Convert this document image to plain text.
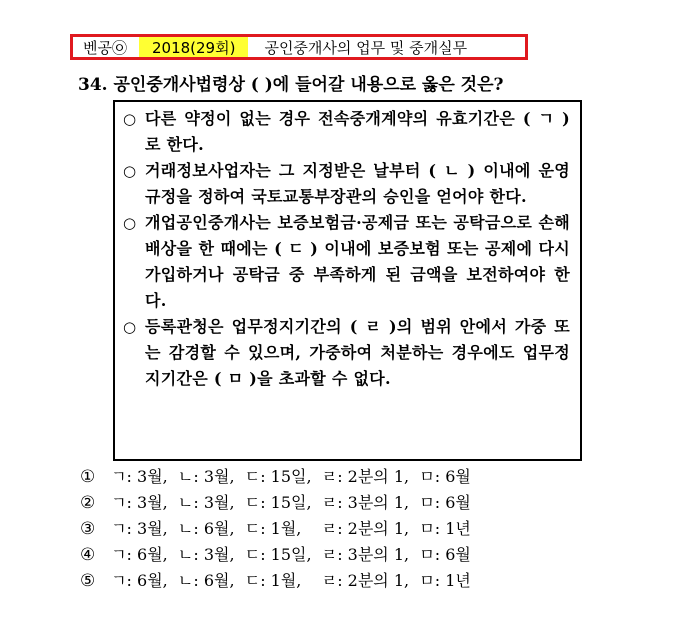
벤공㉧	2018(29회)	공인중개사의 업무 및 중개실무
34. 공인중개사법령상 ( )에 들어갈 내용으로 옳은 것은?
○ 다른 약정이 없는 경우 전속중개계약의 유효기간은 ( ㄱ )로 한다.
○ 거래정보사업자는 그 지정받은 날부터 ( ㄴ ) 이내에 운영규정을 정하여 국토교통부장관의 승인을 얻어야 한다.
○ 개업공인중개사는 보증보험금·공제금 또는 공탁금으로 손해배상을 한 때에는 ( ㄷ ) 이내에 보증보험 또는 공제에 다시 가입하거나 공탁금 중 부족하게 된 금액을 보전하여야 한다.
○ 등록관청은 업무정지기간의 ( ㄹ )의 범위 안에서 가중 또는 감경할 수 있으며, 가중하여 처분하는 경우에도 업무정지기간은 ( ㅁ )을 초과할 수 없다.
① ㄱ: 3월,  ㄴ: 3월,  ㄷ: 15일,  ㄹ: 2분의 1,  ㅁ: 6월
② ㄱ: 3월,  ㄴ: 3월,  ㄷ: 15일,  ㄹ: 3분의 1,  ㅁ: 6월
③ ㄱ: 3월,  ㄴ: 6월,  ㄷ: 1월,    ㄹ: 2분의 1,  ㅁ: 1년
④ ㄱ: 6월,  ㄴ: 3월,  ㄷ: 15일,  ㄹ: 3분의 1,  ㅁ: 6월
⑤ ㄱ: 6월,  ㄴ: 6월,  ㄷ: 1월,    ㄹ: 2분의 1,  ㅁ: 1년
